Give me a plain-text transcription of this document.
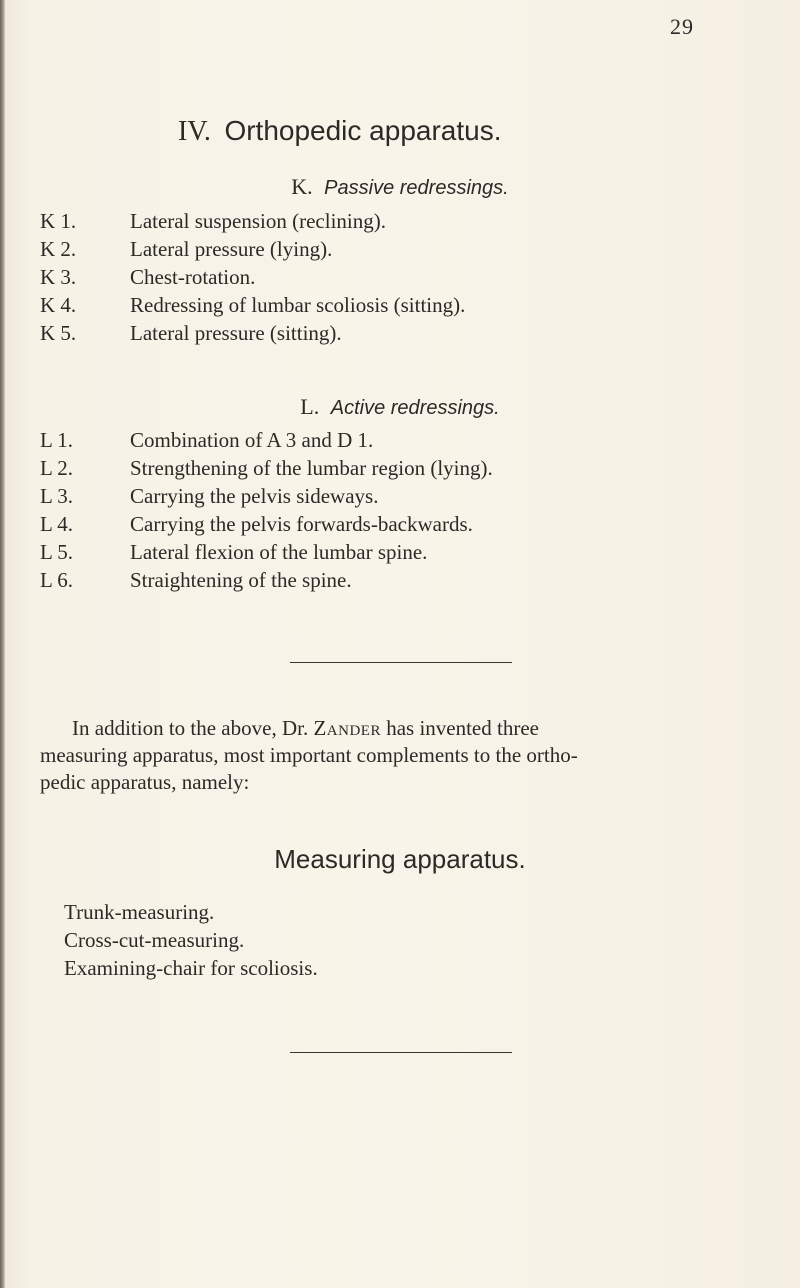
29
IV. Orthopedic apparatus.
K. Passive redressings.
K 1.	Lateral suspension (reclining).
K 2.	Lateral pressure (lying).
K 3.	Chest-rotation.
K 4.	Redressing of lumbar scoliosis (sitting).
K 5.	Lateral pressure (sitting).
L. Active redressings.
L 1.	Combination of A 3 and D 1.
L 2.	Strengthening of the lumbar region (lying).
L 3.	Carrying the pelvis sideways.
L 4.	Carrying the pelvis forwards-backwards.
L 5.	Lateral flexion of the lumbar spine.
L 6.	Straightening of the spine.

In addition to the above, Dr. Zander has invented three
measuring apparatus, most important complements to the ortho-
pedic apparatus, namely:

Measuring apparatus.
Trunk-measuring.
Cross-cut-measuring.
Examining-chair for scoliosis.
